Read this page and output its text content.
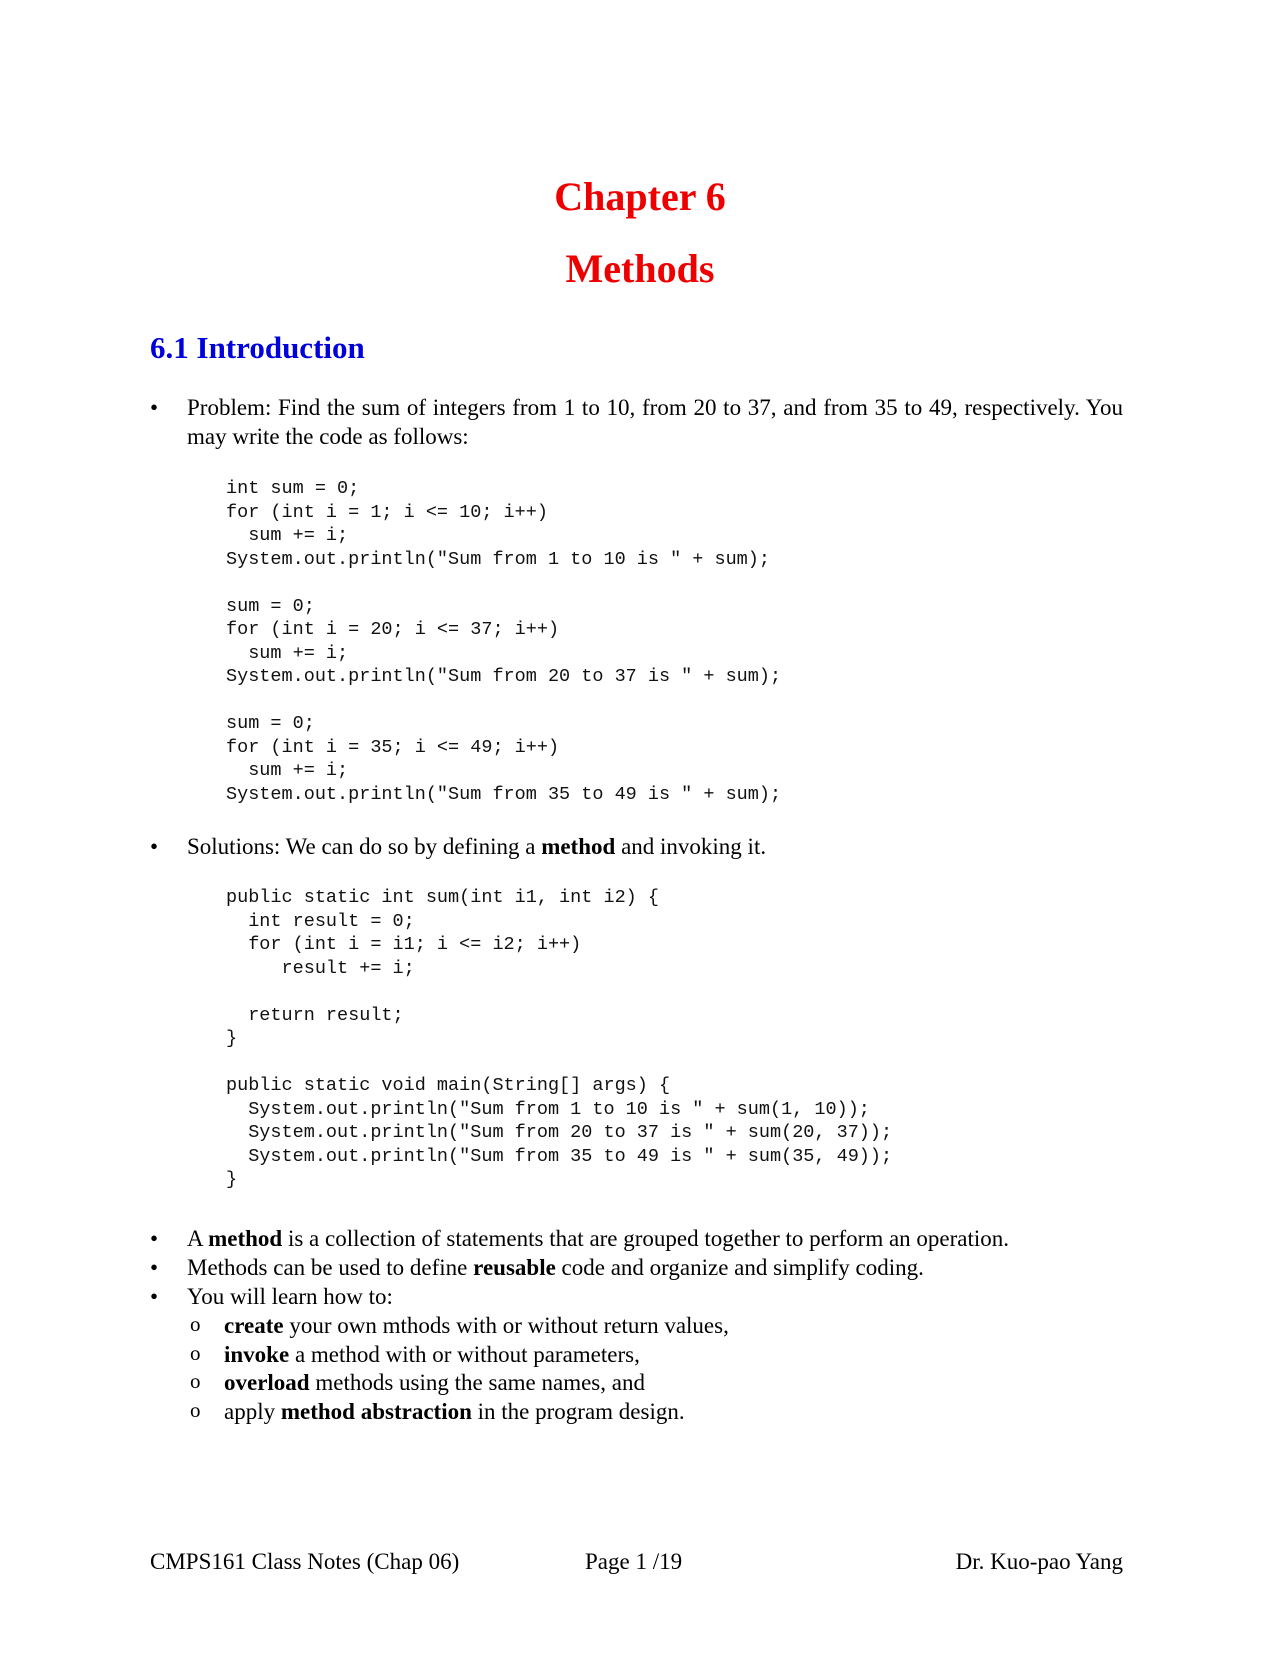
Chapter 6
Methods
6.1 Introduction
•	Problem: Find the sum of integers from 1 to 10, from 20 to 37, and from 35 to 49, respectively. You may write the code as follows:
int sum = 0;
for (int i = 1; i <= 10; i++)
sum += i;
System.out.println("Sum from 1 to 10 is " + sum);

sum = 0;
for (int i = 20; i <= 37; i++)
sum += i;
System.out.println("Sum from 20 to 37 is " + sum);

sum = 0;
for (int i = 35; i <= 49; i++)
sum += i;
System.out.println("Sum from 35 to 49 is " + sum);
•	Solutions: We can do so by defining a method and invoking it.
public static int sum(int i1, int i2) {
int result = 0;
for (int i = i1; i <= i2; i++)
result += i;

return result;
}

public static void main(String[] args) {
System.out.println("Sum from 1 to 10 is " + sum(1, 10));
System.out.println("Sum from 20 to 37 is " + sum(20, 37));
System.out.println("Sum from 35 to 49 is " + sum(35, 49));
}
•	A method is a collection of statements that are grouped together to perform an operation.
•	Methods can be used to define reusable code and organize and simplify coding.
•	You will learn how to:
o create your own mthods with or without return values,
o invoke a method with or without parameters,
o overload methods using the same names, and
o apply method abstraction in the program design.
CMPS161 Class Notes (Chap 06)	Page 1 /19	Dr. Kuo-pao Yang
